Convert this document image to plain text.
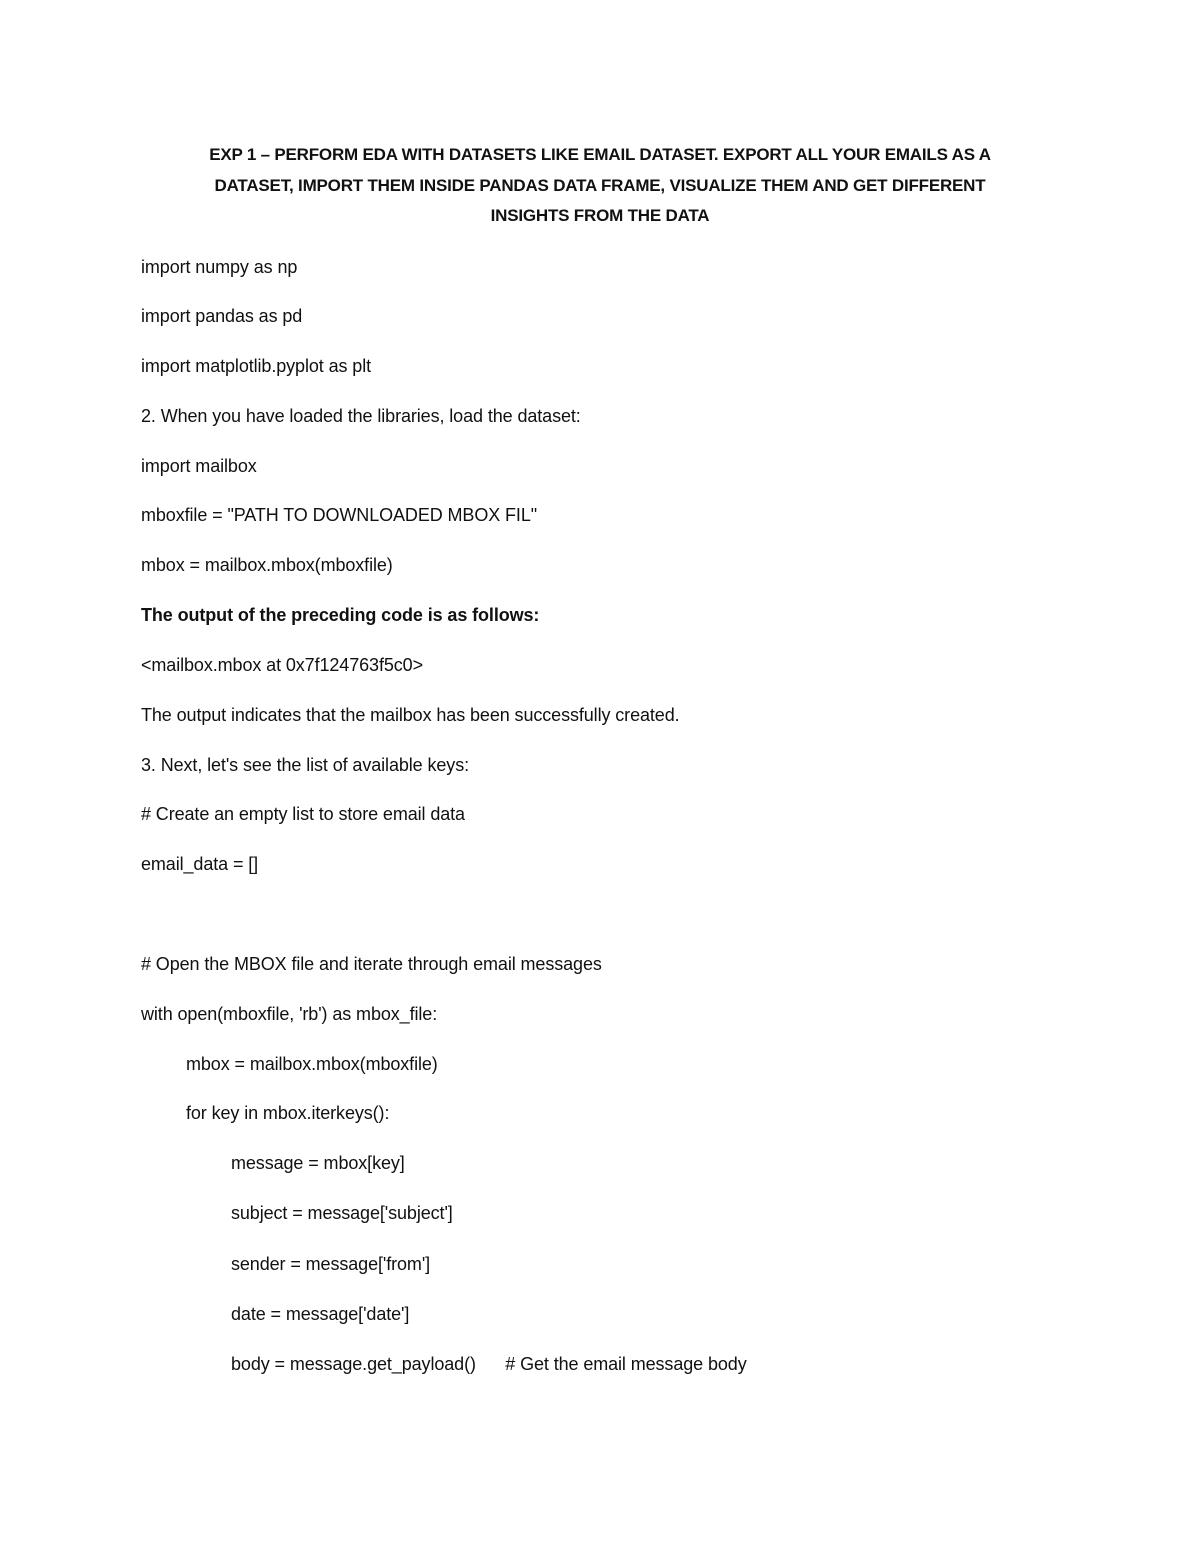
EXP 1 – PERFORM EDA WITH DATASETS LIKE EMAIL DATASET. EXPORT ALL YOUR EMAILS AS A
DATASET, IMPORT THEM INSIDE PANDAS DATA FRAME, VISUALIZE THEM AND GET DIFFERENT
INSIGHTS FROM THE DATA
import numpy as np
import pandas as pd
import matplotlib.pyplot as plt
2. When you have loaded the libraries, load the dataset:
import mailbox
mboxfile = "PATH TO DOWNLOADED MBOX FIL"
mbox = mailbox.mbox(mboxfile)
The output of the preceding code is as follows:
<mailbox.mbox at 0x7f124763f5c0>
The output indicates that the mailbox has been successfully created.
3. Next, let's see the list of available keys:
# Create an empty list to store email data
email_data = []
# Open the MBOX file and iterate through email messages
with open(mboxfile, 'rb') as mbox_file:
mbox = mailbox.mbox(mboxfile)
for key in mbox.iterkeys():
message = mbox[key]
subject = message['subject']
sender = message['from']
date = message['date']
body = message.get_payload()      # Get the email message body
